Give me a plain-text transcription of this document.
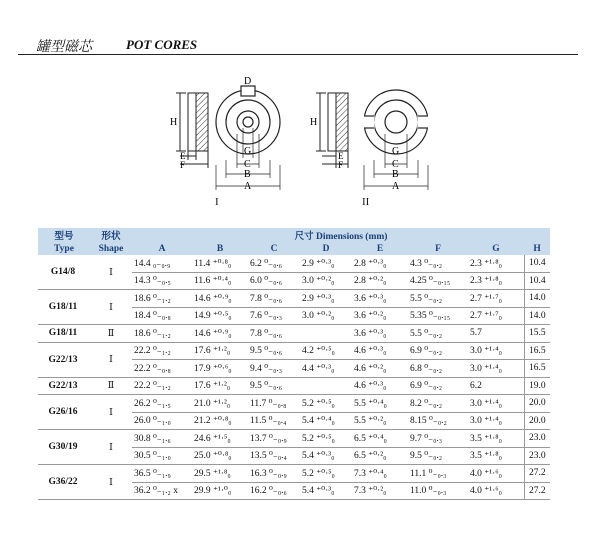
罐型磁芯	POT CORES
H
E
F
D
G
C
B
A
H
E
F
G
C
B
A
I	II
型号	形状	尺寸 Dimensions (mm)							
Type	Shape	A	B	C	D	E	F	G	H
G14/8	Ⅰ	14.4 ₀₋₀.₉	11.4 ⁺⁰·⁸₀	6.2 ⁰₋₀.₆	2.9 ⁺⁰·³₀	2.8 ⁺⁰·³₀	4.3 ⁰₋₀.₂	2.3 ⁺¹·⁸₀	10.4
		14.3 ⁰₋₀.₅	11.6 ⁺⁰·⁴₀	6.0 ⁰₋₀.₆	3.0 ⁺⁰·²₀	2.8 ⁺⁰·²₀	4.25 ⁰₋₀.₁₅	2.3 ⁺¹·⁸₀	10.4
G18/11	Ⅰ	18.6 ⁰₋₁.₂	14.6 ⁺⁰·⁹₀	7.8 ⁰₋₀.₆	2.9 ⁺⁰·³₀	3.6 ⁺⁰·³₀	5.5 ⁰₋₀.₂	2.7 ⁺¹·⁷₀	14.0
		18.4 ⁰₋₀.₈	14.9 ⁺⁰·⁵₀	7.6 ⁰₋₀.₃	3.0 ⁺⁰·²₀	3.6 ⁺⁰·²₀	5.35 ⁰₋₀.₁₅	2.7 ⁺¹·⁷₀	14.0
G18/11	Ⅱ	18.6 ⁰₋₁.₂	14.6 ⁺⁰·⁹₀	7.8 ⁰₋₀.₆		3.6 ⁺⁰·³₀	5.5 ⁰₋₀.₂	5.7	15.5
G22/13	Ⅰ	22.2 ⁰₋₁.₂	17.6 ⁺¹·²₀	9.5 ⁰₋₀.₆	4.2 ⁺⁰·⁵₀	4.6 ⁺⁰·³₀	6.9 ⁰₋₀.₂	3.0 ⁺¹·⁴₀	16.5
		22.2 ⁰₋₀.₈	17.9 ⁺⁰·⁶₀	9.4 ⁰₋₀.₃	4.4 ⁺⁰·³₀	4.6 ⁺⁰·²₀	6.8 ⁰₋₀.₂	3.0 ⁺¹·⁴₀	16.5
G22/13	Ⅱ	22.2 ⁰₋₁.₂	17.6 ⁺¹·²₀	9.5 ⁰₋₀.₆		4.6 ⁺⁰·³₀	6.9 ⁰₋₀.₂	6.2	19.0
G26/16	Ⅰ	26.2 ⁰₋₁.₅	21.0 ⁺¹·²₀	11.7 ⁰₋₀.₈	5.2 ⁺⁰·⁵₀	5.5 ⁺⁰·⁴₀	8.2 ⁰₋₀.₂	3.0 ⁺¹·⁴₀	20.0
		26.0 ⁰₋₁.₀	21.2 ⁺⁰·⁸₀	11.5 ⁰₋₀.₄	5.4 ⁺⁰·⁴₀	5.5 ⁺⁰·²₀	8.15 ⁰₋₀.₂	3.0 ⁺¹·⁴₀	20.0
G30/19	Ⅰ	30.8 ⁰₋₁.₆	24.6 ⁺¹·⁵₀	13.7 ⁰₋₀.₉	5.2 ⁺⁰·⁵₀	6.5 ⁺⁰·⁴₀	9.7 ⁰₋₀.₃	3.5 ⁺¹·⁸₀	23.0
		30.5 ⁰₋₁.₀	25.0 ⁺⁰·⁸₀	13.5 ⁰₋₀.₄	5.4 ⁺⁰·³₀	6.5 ⁺⁰·²₀	9.5 ⁰₋₀.₂	3.5 ⁺¹·⁸₀	23.0
G36/22	Ⅰ	36.5 ⁰₋₁.₉	29.5 ⁺¹·⁸₀	16.3 ⁰₋₀.₉	5.2 ⁺⁰·⁵₀	7.3 ⁺⁰·⁴₀	11.1 ⁰₋₀.₃	4.0 ⁺¹·⁶₀	27.2
		36.2 ⁰₋₁.₂ x	29.9 ⁺¹·⁰₀	16.2 ⁰₋₀.₆	5.4 ⁺⁰·³₀	7.3 ⁺⁰·²₀	11.0 ⁰₋₀.₃	4.0 ⁺¹·⁶₀	27.2
